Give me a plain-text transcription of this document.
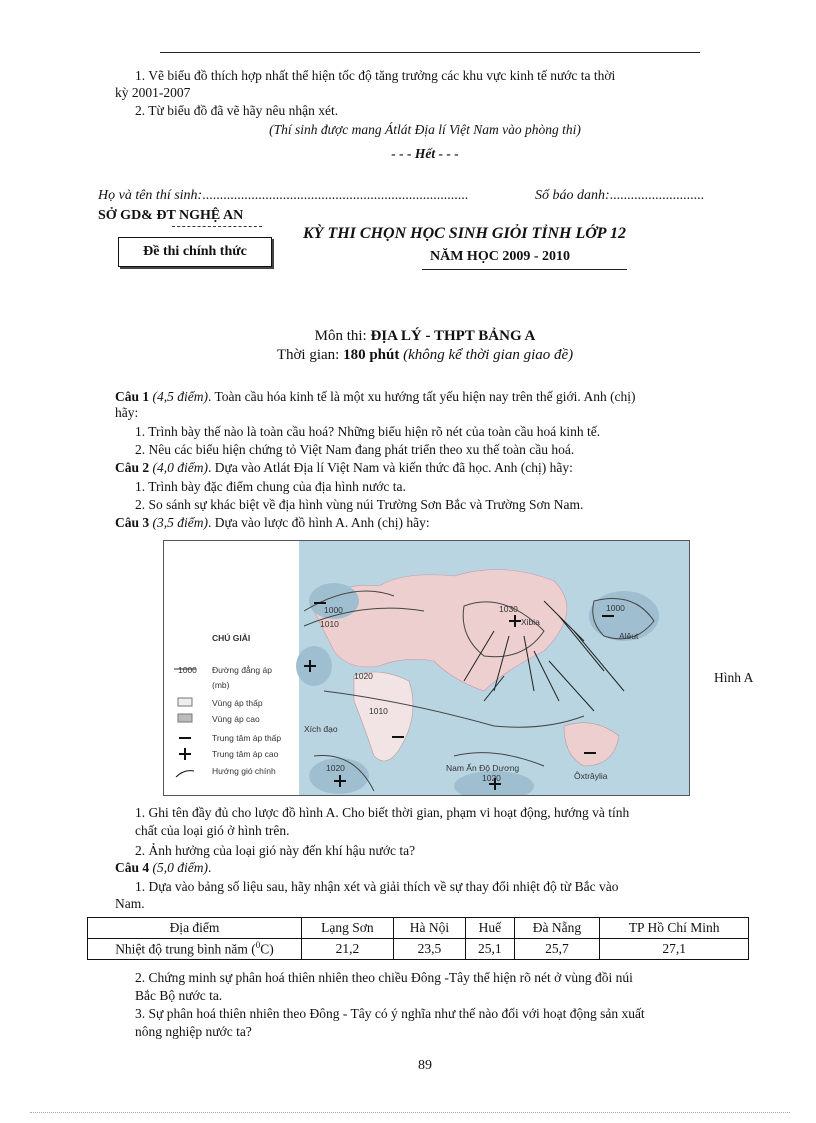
1. Vẽ biểu đồ thích hợp nhất thể hiện tốc độ tăng trưởng các khu vực kinh tế nước ta thời
kỳ 2001-2007
2. Từ biểu đồ đã vẽ hãy nêu nhận xét.
(Thí sinh được mang Átlát Địa lí Việt Nam vào phòng thi)
- - - Hết - - -
Họ và tên thí sinh:............................................................................	Số báo danh:...........................
SỞ GD& ĐT NGHỆ AN
Đề thi chính thức
KỲ THI CHỌN HỌC SINH GIỎI TỈNH LỚP 12
NĂM HỌC 2009 - 2010
Môn thi: ĐỊA LÝ - THPT BẢNG A
Thời gian: 180 phút (không kể thời gian giao đề)
Câu 1 (4,5 điểm). Toàn cầu hóa kinh tế là một xu hướng tất yếu hiện nay trên thế giới. Anh (chị)
hãy:
1. Trình bày thế nào là toàn cầu hoá? Những biểu hiện rõ nét của toàn cầu hoá kinh tế.
2. Nêu các biểu hiện chứng tỏ Việt Nam đang phát triển theo xu thế toàn cầu hoá.
Câu 2 (4,0 điểm). Dựa vào Atlát Địa lí Việt Nam và kiến thức đã học. Anh (chị) hãy:
1. Trình bày đặc điểm chung của địa hình nước ta.
2. So sánh sự khác biệt về địa hình vùng núi Trường Sơn Bắc và Trường Sơn Nam.
Câu 3 (3,5 điểm). Dựa vào lược đồ hình A. Anh (chị) hãy:
CHÚ GIẢI
1000 Đường đẳng áp
(mb)
Vùng áp thấp
Vùng áp cao
Trung tâm áp thấp
Trung tâm áp cao
Hướng gió chính
1000
1010
1020
1010
1030
Xibia
1000
Alêut
Xích đạo
1020	Nam Ấn Độ Dương
1020	Ôxtrâylia
Hình A
1. Ghi tên đầy đủ cho lược đồ hình A. Cho biết thời gian, phạm vi hoạt động, hướng và tính
chất của loại gió ở hình trên.
2. Ảnh hưởng của loại gió này đến khí hậu nước ta?
Câu 4 (5,0 điểm).
1. Dựa vào bảng số liệu sau, hãy nhận xét và giải thích về sự thay đổi nhiệt độ từ Bắc vào
Nam.
Địa điểm	Lạng Sơn	Hà Nội	Huế	Đà Nẵng	TP Hồ Chí Minh
Nhiệt độ trung bình năm ($^0$C)	21,2	23,5	25,1	25,7	27,1
2. Chứng minh sự phân hoá thiên nhiên theo chiều Đông -Tây thể hiện rõ nét ở vùng đồi núi
Bắc Bộ nước ta.
3. Sự phân hoá thiên nhiên theo Đông - Tây có ý nghĩa như thế nào đối với hoạt động sản xuất
nông nghiệp nước ta?
89
